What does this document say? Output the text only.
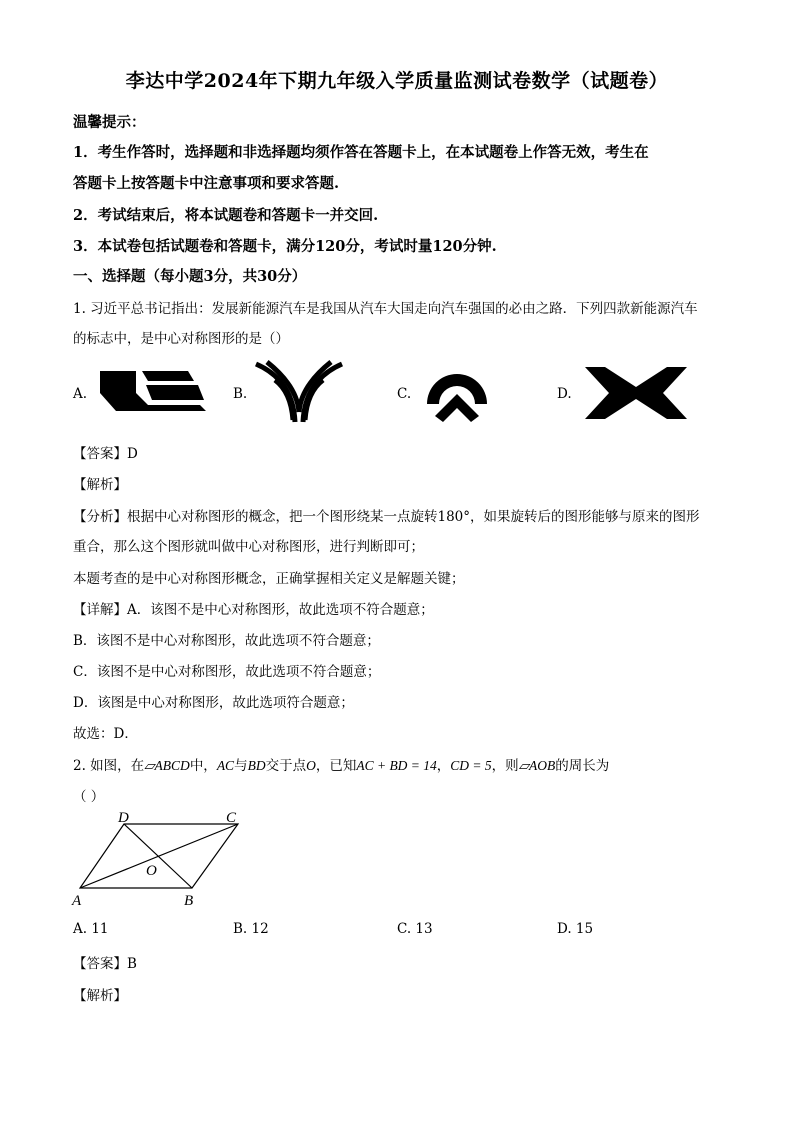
李达中学2024年下期九年级入学质量监测试卷数学（试题卷）
温馨提示：
1．考生作答时，选择题和非选择题均须作答在答题卡上，在本试题卷上作答无效，考生在
答题卡上按答题卡中注意事项和要求答题.
2．考试结束后，将本试题卷和答题卡一并交回.
3．本试卷包括试题卷和答题卡，满分120分，考试时量120分钟.
一、选择题（每小题3分，共30分）
1. 习近平总书记指出：发展新能源汽车是我国从汽车大国走向汽车强国的必由之路．下列四款新能源汽车
的标志中，是中心对称图形的是（）
A.	B.	C.	D.
【答案】D
【解析】
【分析】根据中心对称图形的概念，把一个图形绕某一点旋转180°，如果旋转后的图形能够与原来的图形
重合，那么这个图形就叫做中心对称图形，进行判断即可；
本题考查的是中心对称图形概念，正确掌握相关定义是解题关键；
【详解】A．该图不是中心对称图形，故此选项不符合题意；
B．该图不是中心对称图形，故此选项不符合题意；
C．该图不是中心对称图形，故此选项不符合题意；
D．该图是中心对称图形，故此选项符合题意；
故选：D．
2. 如图，在▱ABCD中，AC与BD交于点O，已知AC + BD = 14，CD = 5，则▱AOB的周长为
（ ）
A	B
C
D
O
A. 11	B. 12	C. 13	D. 15
【答案】B
【解析】
